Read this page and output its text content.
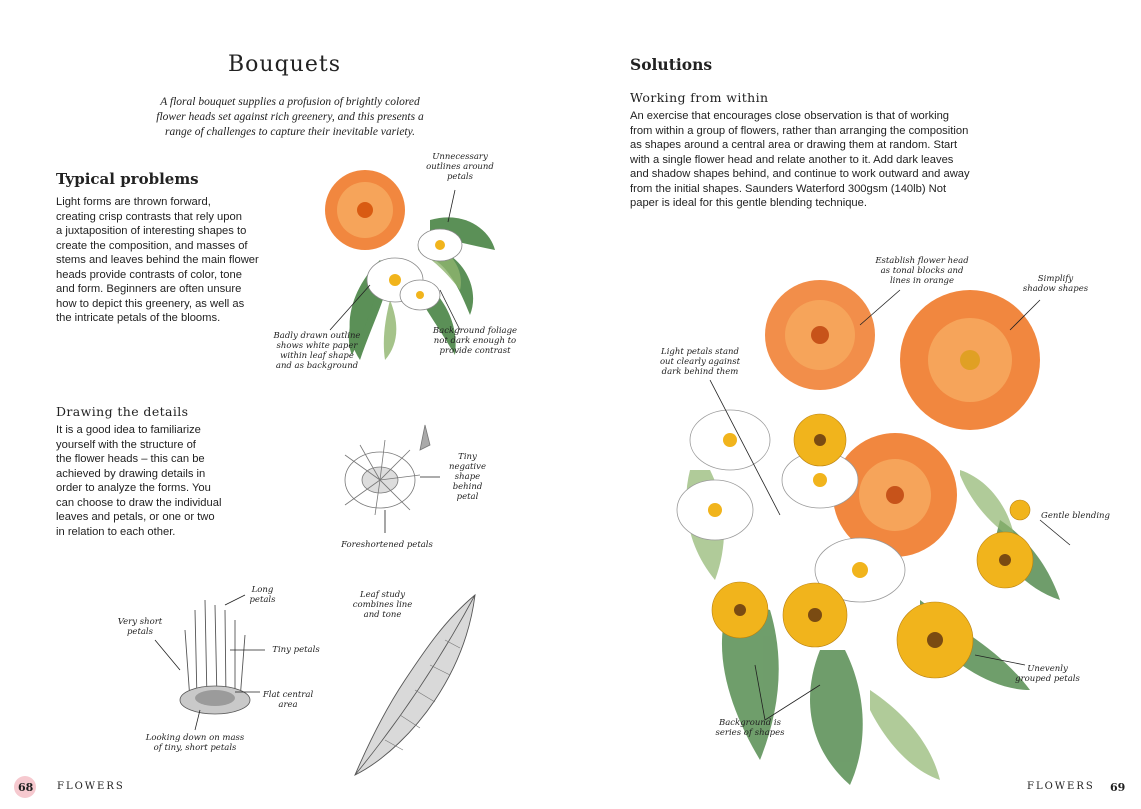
Bouquets
A floral bouquet supplies a profusion of brightly colored
flower heads set against rich greenery, and this presents a
range of challenges to capture their inevitable variety.
Typical problems
Light forms are thrown forward,
creating crisp contrasts that rely upon
a juxtaposition of interesting shapes to
create the composition, and masses of
stems and leaves behind the main flower
heads provide contrasts of color, tone
and form. Beginners are often unsure
how to depict this greenery, as well as
the intricate petals of the blooms.
Drawing the details
It is a good idea to familiarize
yourself with the structure of
the flower heads – this can be
achieved by drawing details in
order to analyze the forms. You
can choose to draw the individual
leaves and petals, or one or two
in relation to each other.
Unnecessary
outlines around
petals
Badly drawn outline
shows white paper
within leaf shape
and as background
Background foliage
not dark enough to
provide contrast
Tiny
negative
shape
behind
petal
Foreshortened petals
Long
petals
Very short
petals
Tiny petals
Flat central
area
Looking down on mass
of tiny, short petals
Leaf study
combines line
and tone
68 FLOWERS
Solutions
Working from within
An exercise that encourages close observation is that of working
from within a group of flowers, rather than arranging the composition
as shapes around a central area or drawing them at random. Start
with a single flower head and relate another to it. Add dark leaves
and shadow shapes behind, and continue to work outward and away
from the initial shapes. Saunders Waterford 300gsm (140lb) Not
paper is ideal for this gentle blending technique.
Establish flower head
as tonal blocks and
lines in orange	Simplify
shadow shapes
Light petals stand
out clearly against
dark behind them
Gentle blending
Unevenly
grouped petals
Background is
series of shapes
FLOWERS 69
